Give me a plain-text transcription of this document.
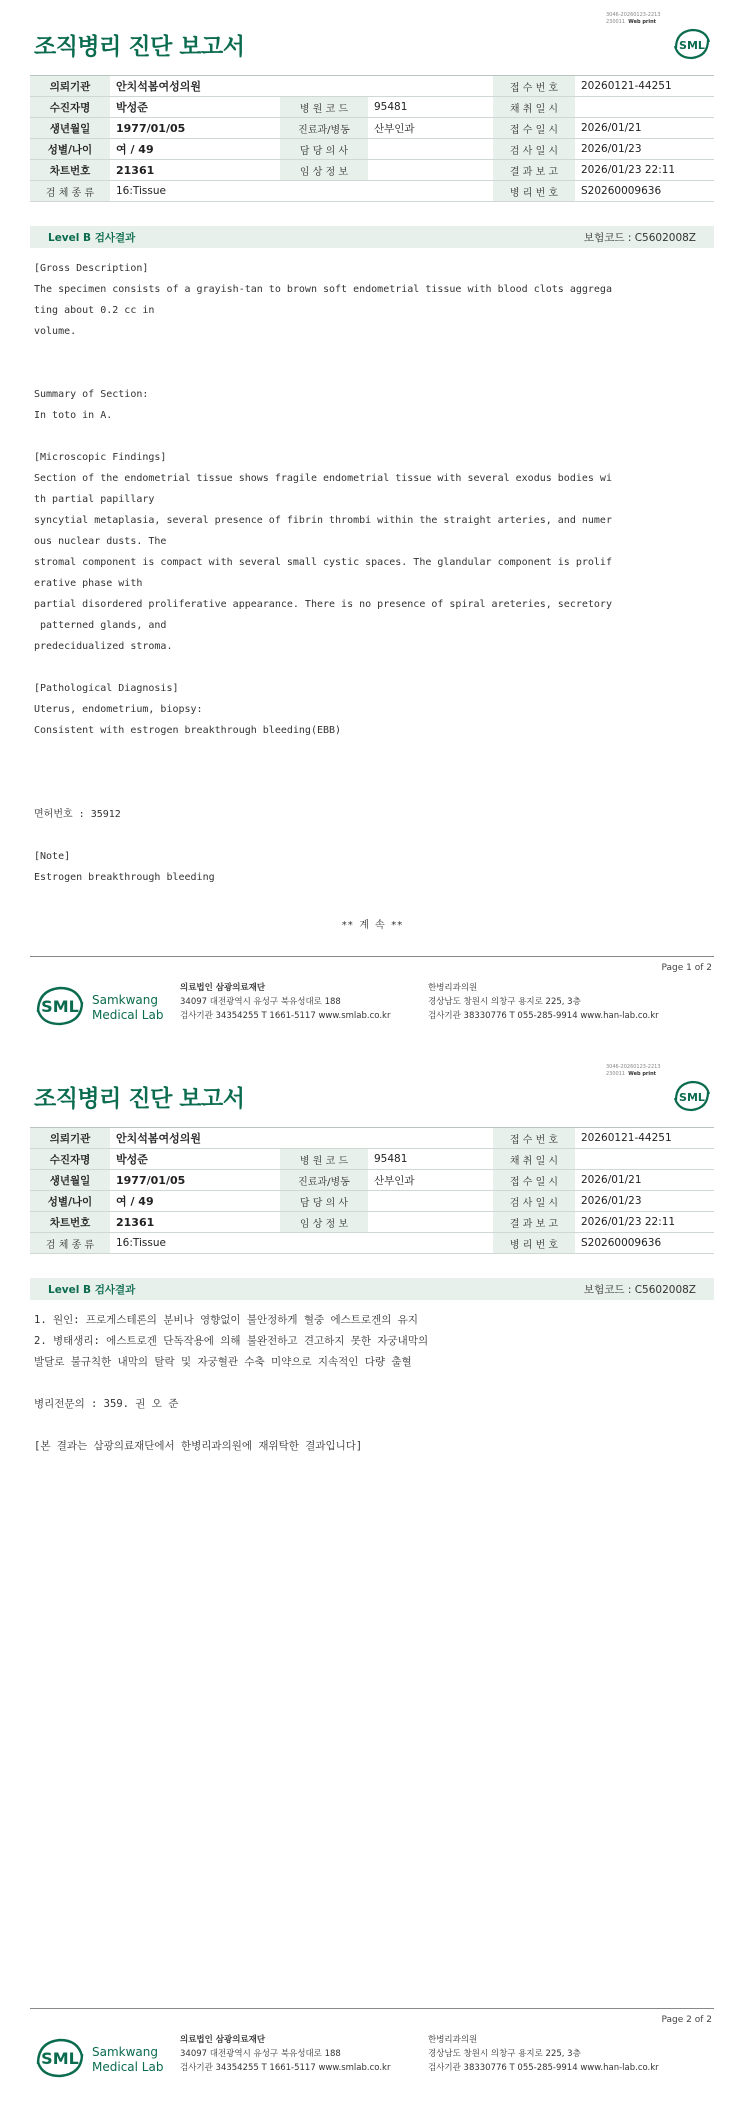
3046-20260123-2213
230011 Web print
조직병리 진단 보고서	SML
의뢰기관	안치석봄여성의원			접 수 번 호	20260121-44251
수진자명	박성준	병 원 코 드	95481	채 취 일 시	
생년월일	1977/01/05	진료과/병동	산부인과	접 수 일 시	2026/01/21
성별/나이	여 / 49	담 당 의 사		검 사 일 시	2026/01/23
차트번호	21361	임 상 정 보		결 과 보 고	2026/01/23 22:11
검 체 종 류	16:Tissue			병 리 번 호	S20260009636
Level B 검사결과	보험코드 : C5602008Z
[Gross Description]
The specimen consists of a grayish-tan to brown soft endometrial tissue with blood clots aggrega
ting about 0.2 cc in
volume.
Summary of Section:
In toto in A.
[Microscopic Findings]
Section of the endometrial tissue shows fragile endometrial tissue with several exodus bodies wi
th partial papillary
syncytial metaplasia, several presence of fibrin thrombi within the straight arteries, and numer
ous nuclear dusts. The
stromal component is compact with several small cystic spaces. The glandular component is prolif
erative phase with
partial disordered proliferative appearance. There is no presence of spiral areteries, secretory
patterned glands, and
predecidualized stroma.
[Pathological Diagnosis]
Uterus, endometrium, biopsy:
Consistent with estrogen breakthrough bleeding(EBB)
면허번호 : 35912
[Note]
Estrogen breakthrough bleeding
** 계 속 **
Page 1 of 2
SML Samkwang
Medical Lab
의료법인 삼광의료재단
34097 대전광역시 유성구 북유성대로 188
검사기관 34354255 T 1661-5117 www.smlab.co.kr
한병리과의원
경상남도 창원시 의창구 용지로 225, 3층
검사기관 38330776 T 055-285-9914 www.han-lab.co.kr
3046-20260123-2213
230011 Web print
조직병리 진단 보고서	SML
의뢰기관	안치석봄여성의원			접 수 번 호	20260121-44251
수진자명	박성준	병 원 코 드	95481	채 취 일 시	
생년월일	1977/01/05	진료과/병동	산부인과	접 수 일 시	2026/01/21
성별/나이	여 / 49	담 당 의 사		검 사 일 시	2026/01/23
차트번호	21361	임 상 정 보		결 과 보 고	2026/01/23 22:11
검 체 종 류	16:Tissue			병 리 번 호	S20260009636
Level B 검사결과	보험코드 : C5602008Z
1. 원인: 프로게스테론의 분비나 영향없이 불안정하게 혈중 에스트로겐의 유지
2. 병태생리: 에스트로겐 단독작용에 의해 불완전하고 견고하지 못한 자궁내막의
발달로 불규칙한 내막의 탈락 및 자궁혈관 수축 미약으로 지속적인 다량 출혈
병리전문의 : 359. 권 오 준
[본 결과는 삼광의료재단에서 한병리과의원에 재위탁한 결과입니다]
Page 2 of 2
SML Samkwang
Medical Lab
의료법인 삼광의료재단
34097 대전광역시 유성구 북유성대로 188
검사기관 34354255 T 1661-5117 www.smlab.co.kr
한병리과의원
경상남도 창원시 의창구 용지로 225, 3층
검사기관 38330776 T 055-285-9914 www.han-lab.co.kr
